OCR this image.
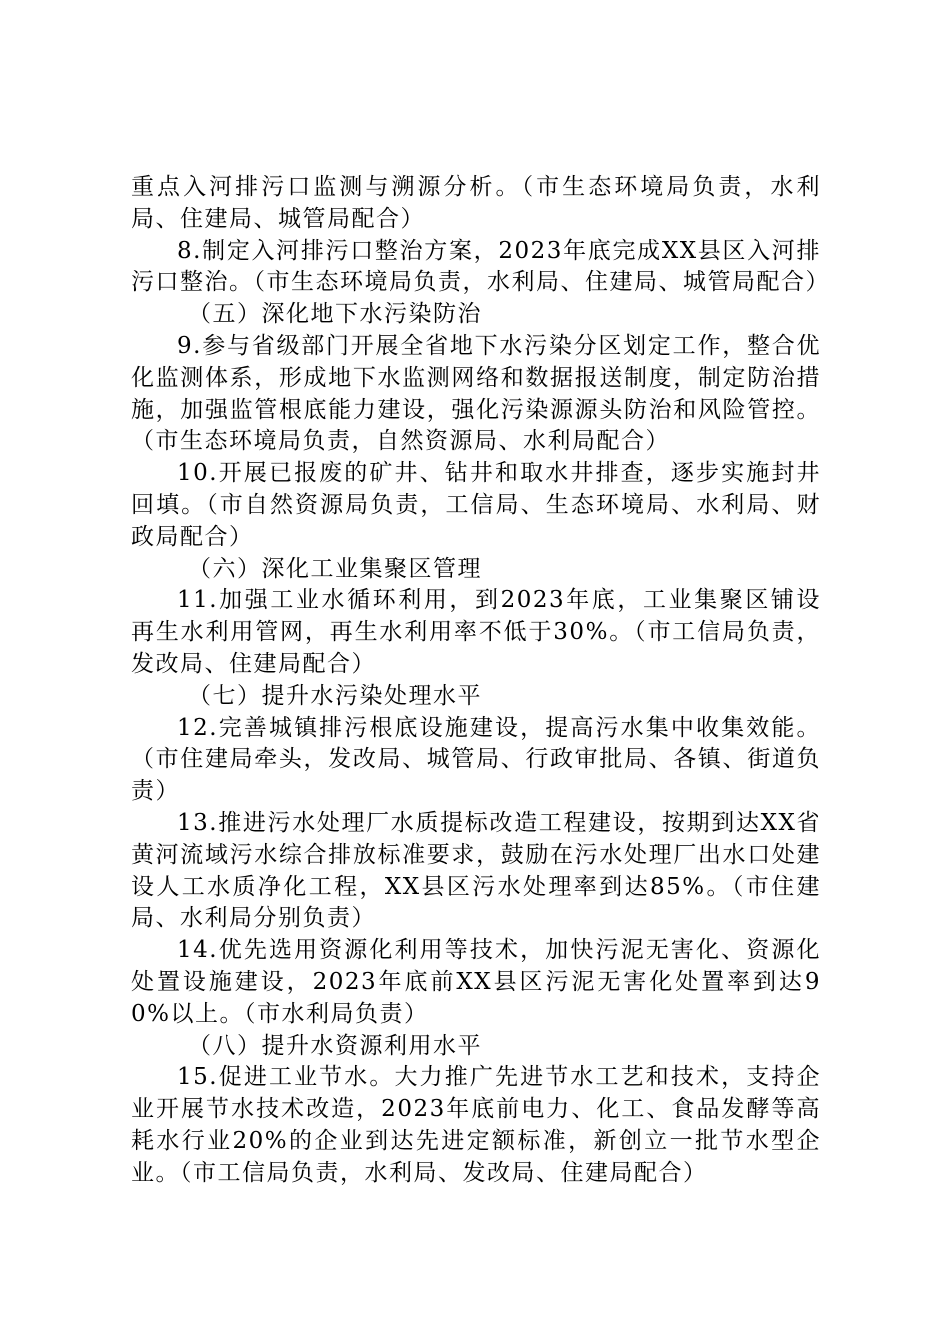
重点入河排污口监测与溯源分析。（市生态环境局负责，水利局、住建局、城管局配合）

8.制定入河排污口整治方案，2023年底完成XX县区入河排污口整治。（市生态环境局负责，水利局、住建局、城管局配合）

（五）深化地下水污染防治

9.参与省级部门开展全省地下水污染分区划定工作，整合优化监测体系，形成地下水监测网络和数据报送制度，制定防治措施，加强监管根底能力建设，强化污染源源头防治和风险管控。（市生态环境局负责，自然资源局、水利局配合）

10.开展已报废的矿井、钻井和取水井排查，逐步实施封井回填。（市自然资源局负责，工信局、生态环境局、水利局、财政局配合）

（六）深化工业集聚区管理

11.加强工业水循环利用，到2023年底，工业集聚区铺设再生水利用管网，再生水利用率不低于30%。（市工信局负责，发改局、住建局配合）

（七）提升水污染处理水平

12.完善城镇排污根底设施建设，提高污水集中收集效能。（市住建局牵头，发改局、城管局、行政审批局、各镇、街道负责）

13.推进污水处理厂水质提标改造工程建设，按期到达XX省黄河流域污水综合排放标准要求，鼓励在污水处理厂出水口处建设人工水质净化工程，XX县区污水处理率到达85%。（市住建局、水利局分别负责）

14.优先选用资源化利用等技术，加快污泥无害化、资源化处置设施建设，2023年底前XX县区污泥无害化处置率到达90%以上。（市水利局负责）

（八）提升水资源利用水平

15.促进工业节水。大力推广先进节水工艺和技术，支持企业开展节水技术改造，2023年底前电力、化工、食品发酵等高耗水行业20%的企业到达先进定额标准，新创立一批节水型企业。（市工信局负责，水利局、发改局、住建局配合）
